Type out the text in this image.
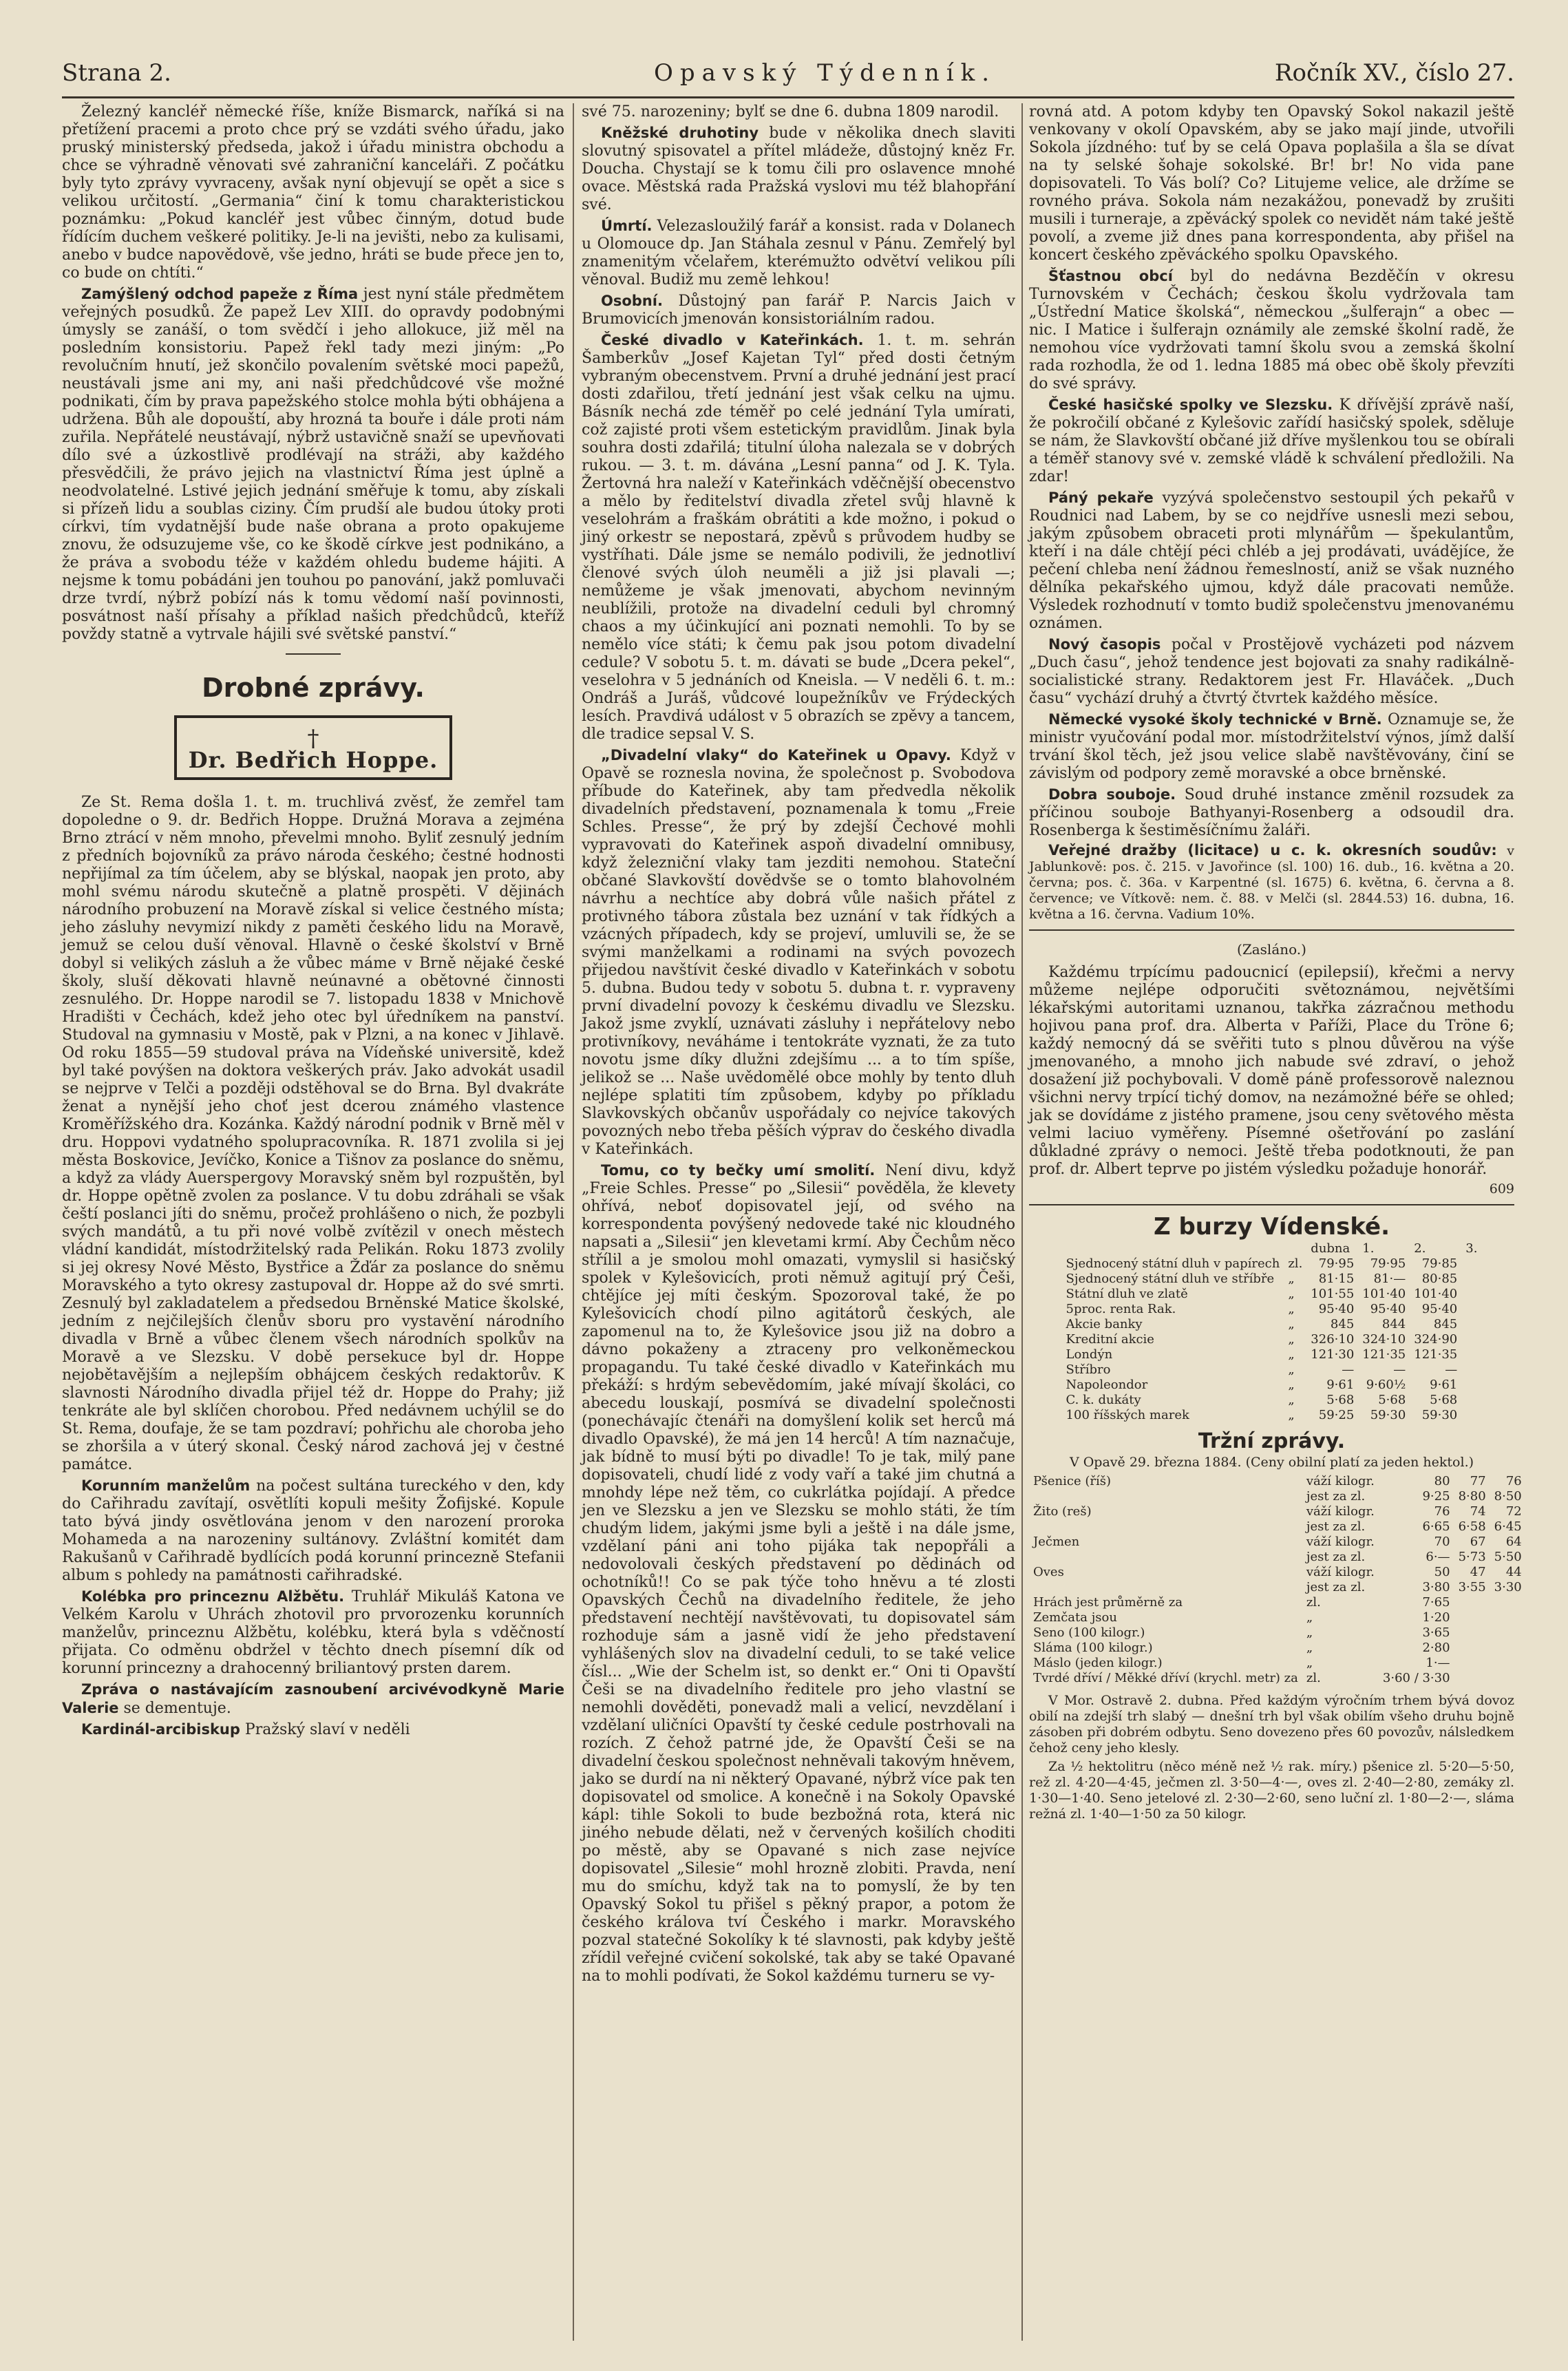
Strana 2.	Opavský Týdenník.	Ročník XV., číslo 27.

Železný kancléř německé říše, kníže Bismarck, naříká si na přetížení pracemi a proto chce prý se vzdáti svého úřadu, jako pruský ministerský předseda, jakož i úřadu ministra obchodu a chce se výhradně věnovati své zahraniční kanceláři. Z počátku byly tyto zprávy vyvraceny, avšak nyní objevují se opět a sice s velikou určitostí. „Germania“ činí k tomu charakteristickou poznámku: „Pokud kancléř jest vůbec činným, dotud bude řídícím duchem veškeré politiky. Je-li na jevišti, nebo za kulisami, anebo v budce napovědově, vše jedno, hráti se bude přece jen to, co bude on chtíti.“

Zamýšlený odchod papeže z Říma jest nyní stále předmětem veřejných posudků. Že papež Lev XIII. do opravdy podobnými úmysly se zanáší, o tom svědčí i jeho allokuce, již měl na posledním konsistoriu. Papež řekl tady mezi jiným: „Po revolučním hnutí, jež skončilo povalením světské moci papežů, neustávali jsme ani my, ani naši předchůdcové vše možné podnikati, čím by prava papežského stolce mohla býti obhájena a udržena. Bůh ale dopouští, aby hrozná ta bouře i dále proti nám zuřila. Nepřátelé neustávají, nýbrž ustavičně snaží se upevňovati dílo své a úzkostlivě prodlévají na stráži, aby každého přesvědčili, že právo jejich na vlastnictví Říma jest úplně a neodvolatelné. Lstivé jejich jednání směřuje k tomu, aby získali si přízeň lidu a soublas ciziny. Čím prudší ale budou útoky proti církvi, tím vydatnější bude naše obrana a proto opakujeme znovu, že odsuzujeme vše, co ke škodě církve jest podnikáno, a že práva a svobodu téže v každém ohledu budeme hájiti. A nejsme k tomu pobádáni jen touhou po panování, jakž pomluvači drze tvrdí, nýbrž pobízí nás k tomu vědomí naší povinnosti, posvátnost naší přísahy a příklad našich předchůdců, kteříž povždy statně a vytrvale hájili své světské panství.“

Drobné zprávy.
†
Dr. Bedřich Hoppe.

Ze St. Rema došla 1. t. m. truchlivá zvěsť, že zemřel tam dopoledne o 9. dr. Bedřich Hoppe. Družná Morava a zejména Brno ztrácí v něm mnoho, převelmi mnoho. Byliť zesnulý jedním z předních bojovníků za právo národa českého; čestné hodnosti nepřijímal za tím účelem, aby se blýskal, naopak jen proto, aby mohl svému národu skutečně a platně prospěti. V dějinách národního probuzení na Moravě získal si velice čestného místa; jeho zásluhy nevymizí nikdy z paměti českého lidu na Moravě, jemuž se celou duší věnoval. Hlavně o české školství v Brně dobyl si velikých zásluh a že vůbec máme v Brně nějaké české školy, sluší děkovati hlavně neúnavné a obětovné činnosti zesnulého. Dr. Hoppe narodil se 7. listopadu 1838 v Mnichově Hradišti v Čechách, kdež jeho otec byl úředníkem na panství. Studoval na gymnasiu v Mostě, pak v Plzni, a na konec v Jihlavě. Od roku 1855—59 studoval práva na Vídeňské universitě, kdež byl také povýšen na doktora veškerých práv. Jako advokát usadil se nejprve v Telči a později odstěhoval se do Brna. Byl dvakráte ženat a nynější jeho choť jest dcerou známého vlastence Kroměřížského dra. Kozánka. Každý národní podnik v Brně měl v dru. Hoppovi vydatného spolupracovníka. R. 1871 zvolila si jej města Boskovice, Jevíčko, Konice a Tišnov za poslance do sněmu, a když za vlády Auerspergovy Moravský sněm byl rozpuštěn, byl dr. Hoppe opětně zvolen za poslance. V tu dobu zdráhali se však čeští poslanci jíti do sněmu, pročež prohlášeno o nich, že pozbyli svých mandátů, a tu při nové volbě zvítězil v onech městech vládní kandidát, místodržitelský rada Pelikán. Roku 1873 zvolily si jej okresy Nové Město, Bystřice a Žďár za poslance do sněmu Moravského a tyto okresy zastupoval dr. Hoppe až do své smrti. Zesnulý byl zakladatelem a předsedou Brněnské Matice školské, jedním z nejčilejších členův sboru pro vystavění národního divadla v Brně a vůbec členem všech národních spolkův na Moravě a ve Slezsku. V době persekuce byl dr. Hoppe nejobětavějším a nejlepším obhájcem českých redaktorův. K slavnosti Národního divadla přijel též dr. Hoppe do Prahy; již tenkráte ale byl sklíčen chorobou. Před nedávnem uchýlil se do St. Rema, doufaje, že se tam pozdraví; pohřichu ale choroba jeho se zhoršila a v úterý skonal. Český národ zachová jej v čestné památce.

Korunním manželům na počest sultána tureckého v den, kdy do Cařihradu zavítají, osvětlíti kopuli mešity Žofijské. Kopule tato bývá jindy osvětlována jenom v den narození proroka Mohameda a na narozeniny sultánovy. Zvláštní komitét dam Rakušanů v Cařihradě bydlících podá korunní princezně Stefanii album s pohledy na památnosti cařihradské.

Kolébka pro princeznu Alžbětu. Truhlář Mikuláš Katona ve Velkém Karolu v Uhrách zhotovil pro prvorozenku korunních manželův, princeznu Alžbětu, kolébku, která byla s vděčností přijata. Co odměnu obdržel v těchto dnech písemní dík od korunní princezny a drahocenný briliantový prsten darem.

Zpráva o nastávajícím zasnoubení arcivévodkyně Marie Valerie se dementuje.

Kardinál-arcibiskup Pražský slaví v neděli

své 75. narozeniny; bylť se dne 6. dubna 1809 narodil.

Kněžské druhotiny bude v několika dnech slaviti slovutný spisovatel a přítel mládeže, důstojný kněz Fr. Doucha. Chystají se k tomu čili pro oslavence mnohé ovace. Městská rada Pražská vyslovi mu též blahopřání své.

Úmrtí. Velezasloužilý farář a konsist. rada v Dolanech u Olomouce dp. Jan Stáhala zesnul v Pánu. Zemřelý byl znamenitým včelařem, kterémužto odvětví velikou píli věnoval. Budiž mu země lehkou!

Osobní. Důstojný pan farář P. Narcis Jaich v Brumovicích jmenován konsistoriálním radou.

České divadlo v Kateřinkách. 1. t. m. sehrán Šamberkův „Josef Kajetan Tyl“ před dosti četným vybraným obecenstvem. První a druhé jednání jest prací dosti zdařilou, třetí jednání jest však celku na ujmu. Básník nechá zde téměř po celé jednání Tyla umírati, což zajisté proti všem estetickým pravidlům. Jinak byla souhra dosti zdařilá; titulní úloha nalezala se v dobrých rukou. — 3. t. m. dávána „Lesní panna“ od J. K. Tyla. Žertovná hra naleží v Kateřinkách vděčnější obecenstvo a mělo by ředitelství divadla zřetel svůj hlavně k veselohrám a fraškám obrátiti a kde možno, i pokud o jiný orkestr se nepostará, zpěvů s průvodem hudby se vystříhati. Dále jsme se nemálo podivili, že jednotliví členové svých úloh neuměli a již jsi plavali —; nemůžeme je však jmenovati, abychom nevinným neublížili, protože na divadelní ceduli byl chromný chaos a my účinkující ani poznati nemohli. To by se nemělo více státi; k čemu pak jsou potom divadelní cedule? V sobotu 5. t. m. dávati se bude „Dcera pekel“, veselohra v 5 jednáních od Kneisla. — V neděli 6. t. m.: Ondráš a Juráš, vůdcové loupežníkův ve Frýdeckých lesích. Pravdivá událost v 5 obrazích se zpěvy a tancem, dle tradice sepsal V. S.

„Divadelní vlaky“ do Kateřinek u Opavy. Když v Opavě se rozneslа novina, že společnost p. Svobodova příbude do Kateřinek, aby tam předvedla několik divadelních představení, poznamenala k tomu „Freie Schles. Presse“, že prý by zdejší Čechové mohli vypravovati do Kateřinek aspoň divadelní omnibusy, když železniční vlaky tam jezditi nemohou. Stateční občané Slavkovští dovědvše se o tomto blahovolném návrhu a nechtíce aby dobrá vůle našich přátel z protivného tábora zůstala bez uznání v tak řídkých a vzácných případech, kdy se projeví, umluvili se, že se svými manželkami a rodinami na svých povozech přijedou navštívit české divadlo v Kateřinkách v sobotu 5. dubna. Budou tedy v sobotu 5. dubna t. r. vypraveny první divadelní povozy k českému divadlu ve Slezsku. Jakož jsme zvyklí, uznávati zásluhy i nepřátelovy nebo protivníkovy, neváháme i tentokráte vyznati, že za tuto novotu jsme díky dlužni zdejšímu ... a to tím spíše, jelikož se ... Naše uvědomělé obce mohly by tento dluh nejlépe splatiti tím způsobem, kdyby po příkladu Slavkovských občanův uspořádaly co nejvíce takových povozných nebo třeba pěších výprav do českého divadla v Kateřinkách.

Tomu, co ty bečky umí smolití. Není divu, když „Freie Schles. Presse“ po „Silesii“ pověděla, že klevety ohřívá, neboť dopisovatel její, od svého na korrespondenta povýšený nedovede také nic kloudného napsati a „Silesii“ jen klevetami krmí. Aby Čechům něco střílil a je smolou mohl omazati, vymyslil si hasičský spolek v Kylešovicích, proti němuž agitují prý Češi, chtějíce jej míti českým. Spozoroval také, že po Kylešovicích chodí pilno agitátorů českých, ale zapomenul na to, že Kylešovice jsou již na dobro a dávno pokaženy a ztraceny pro velkoněmeckou propagandu. Tu také české divadlo v Kateřinkách mu překáží: s hrdým sebevědomím, jaké mívají školáci, co abecedu louskají, posmívá se divadelní společnosti (ponechávajíc čtenáři na domyšlení kolik set herců má divadlo Opavské), že má jen 14 herců! A tím naznačuje, jak bídně to musí býti po divadle! To je tak, milý pane dopisovateli, chudí lidé z vody vaří a také jim chutná a mnohdy lépe než těm, co cukrlátka pojídají. A předce jen ve Slezsku a jen ve Slezsku se mohlo státi, že tím chudým lidem, jakými jsme byli a ještě i na dále jsme, vzdělaní páni ani toho pijáka tak nepopřáli a nedovolovali českých představení po dědinách od ochotníků!! Co se pak týče toho hněvu a té zlosti Opavských Čechů na divadelního ředitele, že jeho představení nechtějí navštěvovati, tu dopisovatel sám rozhoduje sám a jasně vidí že jeho představení vyhlášených slov na divadelní ceduli, to se také velice čísl... „Wie der Schelm ist, so denkt er.“ Oni ti Opavští Češi se na divadelního ředitele pro jeho vlastní se nemohli dověděti, ponevadž mali a velicí, nevzdělaní i vzdělaní uličníci Opavští ty české cedule postrhovali na rozích. Z čehož patrné jde, že Opavští Češi se na divadelní českou společnost nehněvali takovým hněvem, jako se durdí na ni některý Opavané, nýbrž více pak ten dopisovatel od smolice. A konečně i na Sokoly Opavské kápl: tihle Sokoli to bude bezbožná rota, která nic jiného nebude dělati, než v červených košilích choditi po městě, aby se Opavané s nich zase nejvíce dopisovatel „Silesie“ mohl hrozně zlobiti. Pravda, není mu do smíchu, když tak na to pomyslí, že by ten Opavský Sokol tu přišel s pěkný prapor, a potom že českého králova tví Českého i markr. Moravského pozval statečné Sokolíky k té slavnosti, pak kdyby ještě zřídil veřejné cvičení sokolské, tak aby se také Opavané na to mohli podívati, že Sokol každému turneru se vy-

rovná atd. A potom kdyby ten Opavský Sokol nakazil ještě venkovany v okolí Opavském, aby se jako mají jinde, utvořili Sokola jízdného: tuť by se celá Opava poplašila a šla se dívat na ty selské šohaje sokolské. Br! br! No vida pane dopisovateli. To Vás bolí? Co? Litujeme velice, ale držíme se rovného práva. Sokola nám nezakážou, ponevadž by zrušiti musili i turneraje, a zpěvácký spolek co nevidět nám také ještě povolí, a zveme již dnes pana korrespondenta, aby přišel na koncert českého zpěváckého spolku Opavského.

Šťastnou obcí byl do nedávna Bezděčín v okresu Turnovském v Čechách; českou školu vydržovala tam „Ústřední Matice školská“, německou „šulferajn“ a obec — nic. I Matice i šulferajn oznámily ale zemské školní radě, že nemohou více vydržovati tamní školu svou a zemská školní rada rozhodla, že od 1. ledna 1885 má obec obě školy převzíti do své správy.

České hasičské spolky ve Slezsku. K dřívější zprávě naší, že pokročilí občané z Kylešovic zařídí hasičský spolek, sděluje se nám, že Slavkovští občané již dříve myšlenkou tou se obírali a téměř stanovy své v. zemské vládě k schválení předložili. Na zdar!

Páný pekaře vyzývá společenstvo sestoupil ých pekařů v Roudnici nad Labem, by se co nejdříve usnesli mezi sebou, jakým způsobem obraceti proti mlynářům — špekulantům, kteří i na dále chtějí péci chléb a jej prodávati, uvádějíce, že pečení chleba není žádnou řemeslností, aniž se však nuzného dělníka pekařského ujmou, když dále pracovati nemůže. Výsledek rozhodnutí v tomto budiž společenstvu jmenovanému oznámen.

Nový časopis počal v Prostějově vycházeti pod názvem „Duch času“, jehož tendence jest bojovati za snahy radikálně-socialistické strany. Redaktorem jest Fr. Hlaváček. „Duch času“ vychází druhý a čtvrtý čtvrtek každého měsíce.

Německé vysoké školy technické v Brně. Oznamuje se, že ministr vyučování podal mor. místodržitelství výnos, jímž další trvání škol těch, jež jsou velice slabě navštěvovány, činí se závislým od podpory země moravské a obce brněnské.

Dobra souboje. Soud druhé instance změnil rozsudek za příčinou souboje Bathyanyi-Rosenberg a odsoudil dra. Rosenberga k šestiměsíčnímu žaláři.

Veřejné dražby (licitace) u c. k. okresních soudův: v Jablunkově: pos. č. 215. v Javořince (sl. 100) 16. dub., 16. května a 20. června; pos. č. 36a. v Karpentné (sl. 1675) 6. května, 6. června a 8. července; ve Vítkově: nem. č. 88. v Melči (sl. 2844.53) 16. dubna, 16. května a 16. června. Vadium 10%.

(Zasláno.)

Každému trpícímu padoucnicí (epilepsií), křečmi a nervy můžeme nejlépe odporučiti světoznámou, největšími lékařskými autoritami uznanou, takřka zázračnou methodu hojivou pana prof. dra. Alberta v Paříži, Place du Tröne 6; každý nemocný dá se svěřiti tuto s plnou důvěrou na výše jmenovaného, a mnoho jich nabude své zdraví, o jehož dosažení již pochybovali. V domě páně professorově naleznou všichni nervy trpící tichý domov, na nezámožné béře se ohled; jak se dovídáme z jistého pramene, jsou ceny světového města velmi laciuo vyměřeny. Písemné ošetřování po zaslání důkladné zprávy o nemoci. Ještě třeba podotknouti, že pan prof. dr. Albert teprve po jistém výsledku požaduje honorář.

609
Z burzy Vídenské.
		dubna	1.	2.	3.
Sjednocený státní dluh v papírech	zl.	79·95	79·95	79·85	
Sjednocený státní dluh ve stříbře	„	81·15	81·—	80·85	
Státní dluh ve zlatě	„	101·55	101·40	101·40	
5proc. renta Rak.	„	95·40	95·40	95·40	
Akcie banky	„	845	844	845	
Kreditní akcie	„	326·10	324·10	324·90	
Londýn	„	121·30	121·35	121·35	
Stříbro	„	—	—	—	
Napoleondor	„	9·61	9·60½	9·61	
C. k. dukáty	„	5·68	5·68	5·68	
100 říšských marek	„	59·25	59·30	59·30	
Tržní zprávy.
V Opavě 29. března 1884. (Ceny obilní platí za jeden hektol.)
Pšenice (říš)	váží kilogr.	80	77	76
	jest za zl.	9·25	8·80	8·50
Žito (reš)	váží kilogr.	76	74	72
	jest za zl.	6·65	6·58	6·45
Ječmen	váží kilogr.	70	67	64
	jest za zl.	6·—	5·73	5·50
Oves	váží kilogr.	50	47	44
	jest za zl.	3·80	3·55	3·30
Hrách jest průměrně za	zl.	7·65		
Zemčata jsou	„	1·20		
Seno (100 kilogr.)	„	3·65		
Sláma (100 kilogr.)	„	2·80		
Máslo (jeden kilogr.)	„	1·—		
Tvrdé dříví / Měkké dříví (krychl. metr) za	zl.	3·60 / 3·30		

V Mor. Ostravě 2. dubna. Před každým výročním trhem bývá dovoz obilí na zdejší trh slabý — dnešní trh byl však obilím všeho druhu bojně zásoben při dobrém odbytu. Seno dovezeno přes 60 povozův, nálsledkem čehož ceny jeho klesly.

Za ⅟₂ hektolitru (něco méně než ⅟₂ rak. míry.) pšenice zl. 5·20—5·50, rež zl. 4·20—4·45, ječmen zl. 3·50—4·—, oves zl. 2·40—2·80, zemáky zl. 1·30—1·40. Seno jetelové zl. 2·30—2·60, seno luční zl. 1·80—2·—, sláma režná zl. 1·40—1·50 za 50 kilogr.
